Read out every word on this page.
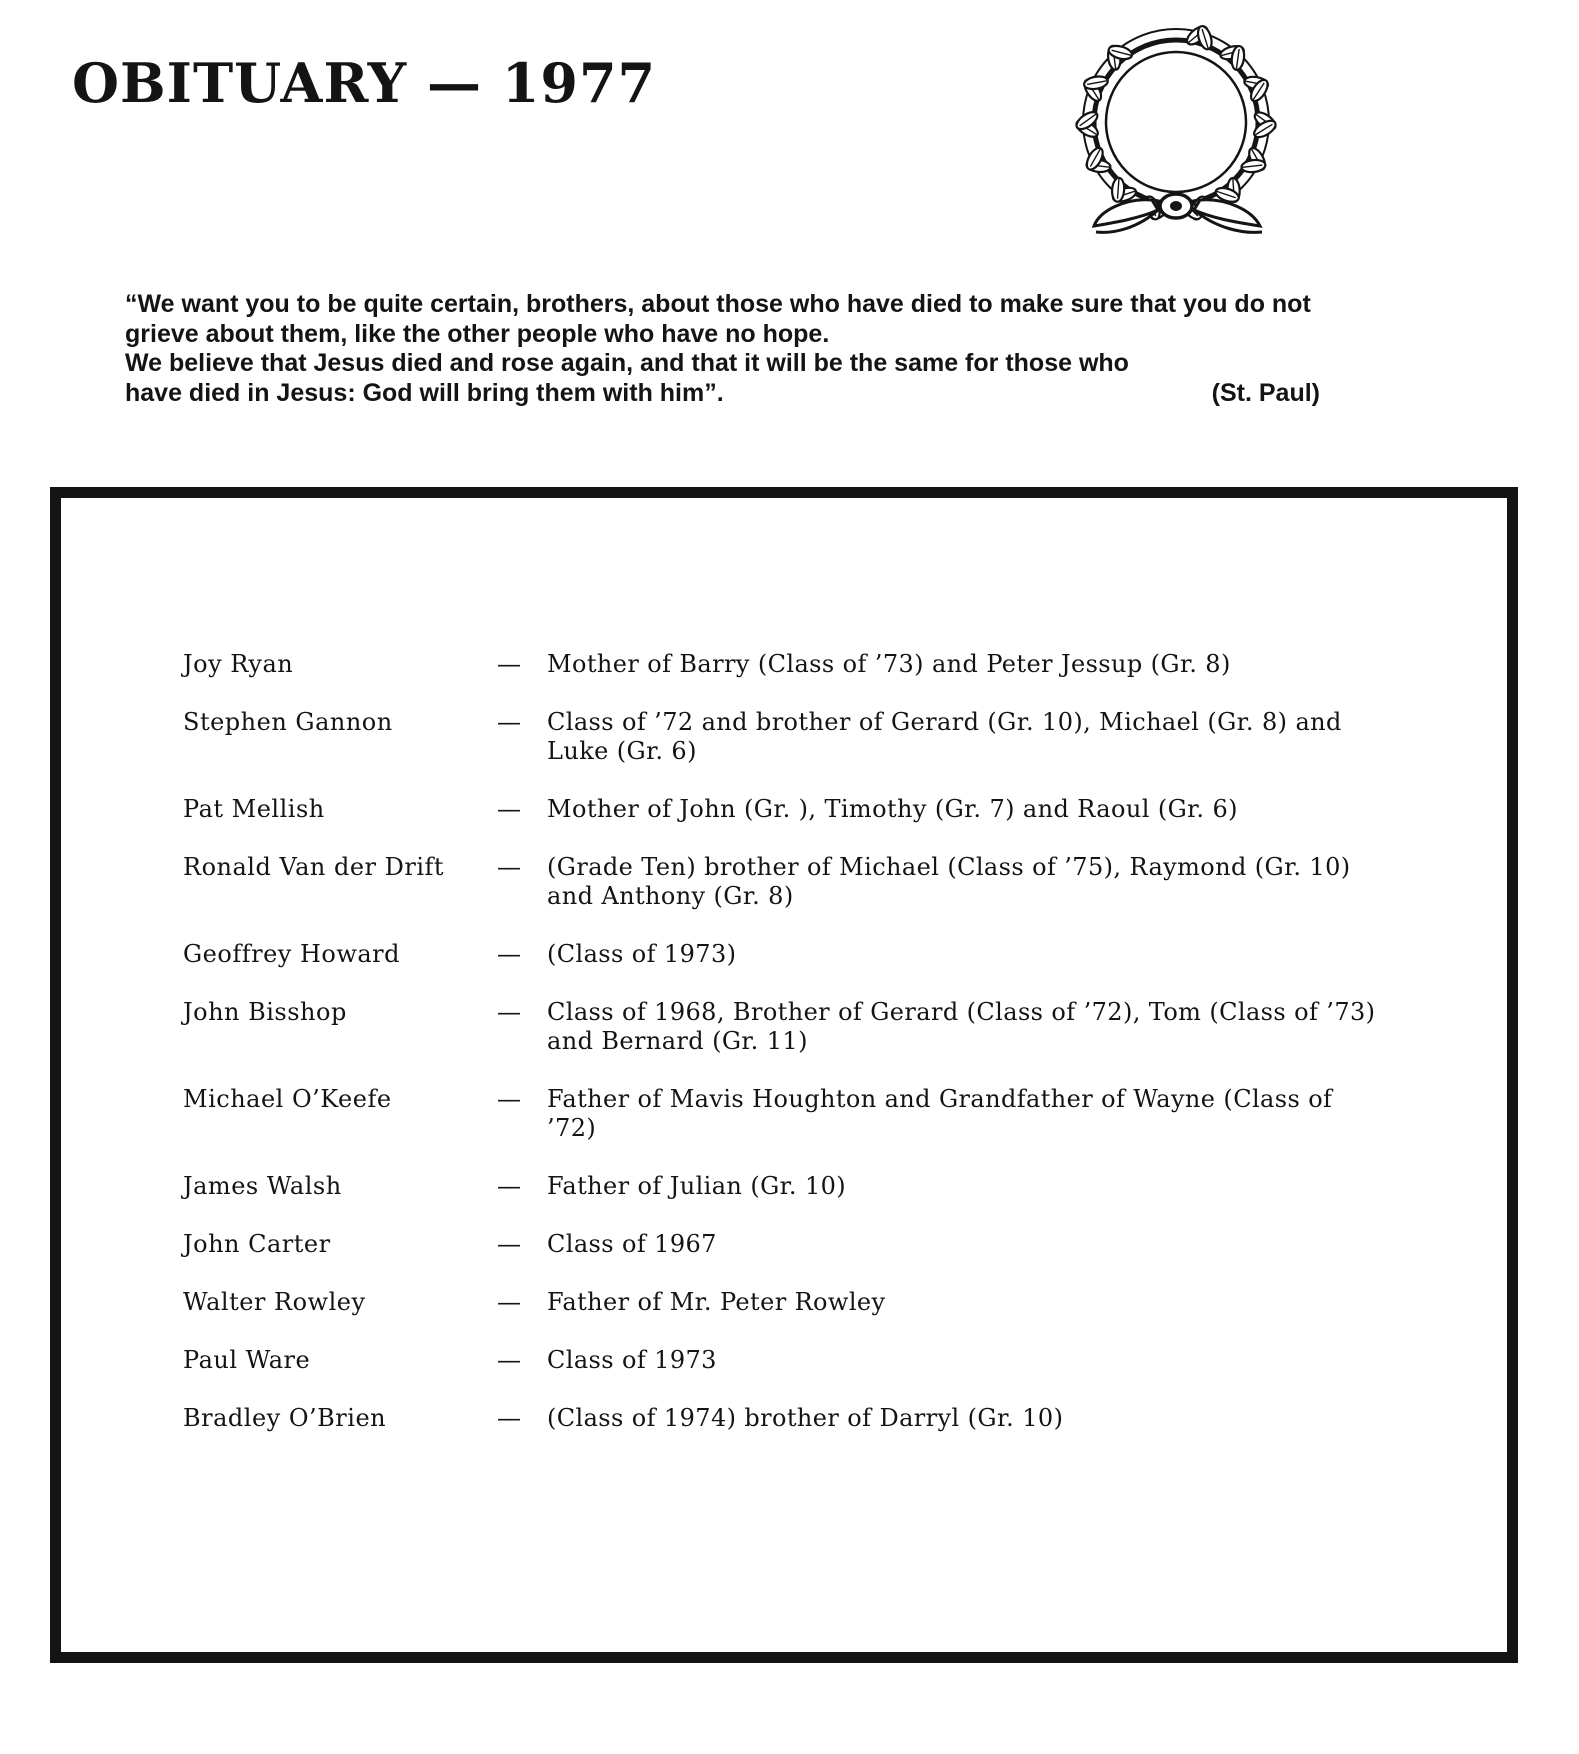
OBITUARY — 1977

“We want you to be quite certain, brothers, about those who have died to make sure that you do not grieve about them, like the other people who have no hope.

We believe that Jesus died and rose again, and that it will be the same for those who have died in Jesus: God will bring them with him”.	(St. Paul)
Joy Ryan	—	Mother of Barry (Class of ’73) and Peter Jessup (Gr. 8)
Stephen Gannon	—	Class of ’72 and brother of Gerard (Gr. 10), Michael (Gr. 8) and Luke (Gr. 6)
Pat Mellish	—	Mother of John (Gr. ), Timothy (Gr. 7) and Raoul (Gr. 6)
Ronald Van der Drift	—	(Grade Ten) brother of Michael (Class of ’75), Raymond (Gr. 10) and Anthony (Gr. 8)
Geoffrey Howard	—	(Class of 1973)
John Bisshop	—	Class of 1968, Brother of Gerard (Class of ’72), Tom (Class of ’73) and Bernard (Gr. 11)
Michael O’Keefe	—	Father of Mavis Houghton and Grandfather of Wayne (Class of ’72)
James Walsh	—	Father of Julian (Gr. 10)
John Carter	—	Class of 1967
Walter Rowley	—	Father of Mr. Peter Rowley
Paul Ware	—	Class of 1973
Bradley O’Brien	—	(Class of 1974) brother of Darryl (Gr. 10)
